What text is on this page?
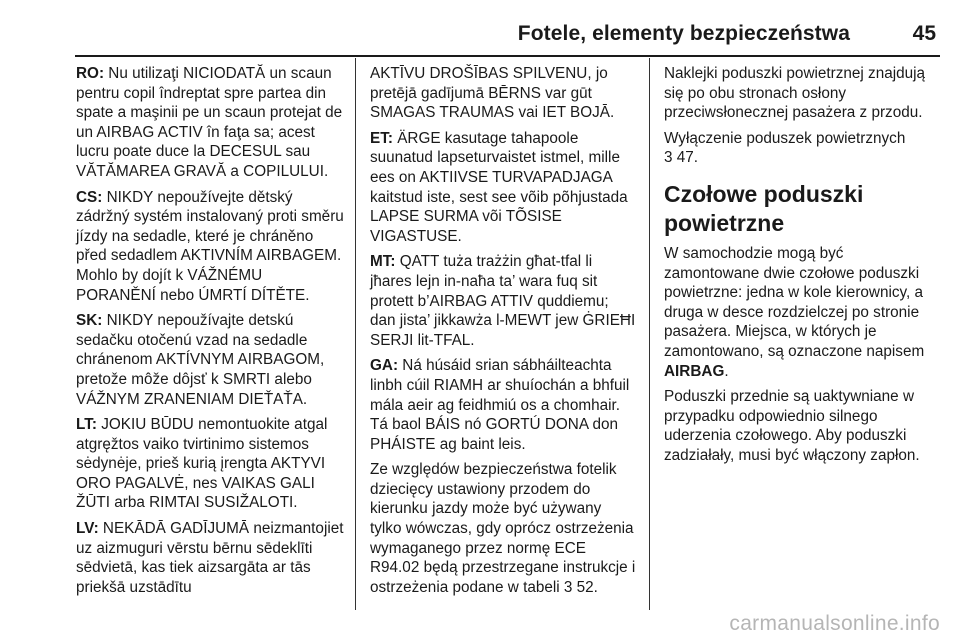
Fotele, elementy bezpieczeństwa	45

RO: Nu utilizaţi NICIODATĂ un scaun pentru copil îndreptat spre partea din spate a maşinii pe un scaun protejat de un AIRBAG ACTIV în faţa sa; acest lucru poate duce la DECESUL sau VĂTĂMAREA GRAVĂ a COPILULUI.

CS: NIKDY nepoužívejte dětský zádržný systém instalovaný proti směru jízdy na sedadle, které je chráněno před sedadlem AKTIVNÍM AIRBAGEM. Mohlo by dojít k VÁŽNÉMU PORANĚNÍ nebo ÚMRTÍ DÍTĚTE.

SK: NIKDY nepoužívajte detskú sedačku otočenú vzad na sedadle chránenom AKTÍVNYM AIRBAGOM, pretože môže dôjsť k SMRTI alebo VÁŽNYM ZRANENIAM DIEŤAŤA.

LT: JOKIU BŪDU nemontuokite atgal atgręžtos vaiko tvirtinimo sistemos sėdynėje, prieš kurią įrengta AKTYVI ORO PAGALVĖ, nes VAIKAS GALI ŽŪTI arba RIMTAI SUSIŽALOTI.

LV: NEKĀDĀ GADĪJUMĀ neizmantojiet uz aizmuguri vērstu bērnu sēdeklīti sēdvietā, kas tiek aizsargāta ar tās priekšā uzstādītu

AKTĪVU DROŠĪBAS SPILVENU, jo pretējā gadījumā BĒRNS var gūt SMAGAS TRAUMAS vai IET BOJĀ.

ET: ÄRGE kasutage tahapoole suunatud lapseturvaistet istmel, mille ees on AKTIIVSE TURVAPADJAGA kaitstud iste, sest see võib põhjustada LAPSE SURMA või TÕSISE VIGASTUSE.

MT: QATT tuża trażżin għat-tfal li jħares lejn in-naħa ta’ wara fuq sit protett b’AIRBAG ATTIV quddiemu; dan jista’ jikkawża l-MEWT jew ĠRIEĦI SERJI lit-TFAL.

GA: Ná húsáid srian sábháilteachta linbh cúil RIAMH ar shuíochán a bhfuil mála aeir ag feidhmiú os a chomhair. Tá baol BÁIS nó GORTÚ DONA don PHÁISTE ag baint leis.

Ze względów bezpieczeństwa fotelik dziecięcy ustawiony przodem do kierunku jazdy może być używany tylko wówczas, gdy oprócz ostrzeżenia wymaganego przez normę ECE R94.02 będą przestrzegane instrukcje i ostrzeżenia podane w tabeli 3 52.

Naklejki poduszki powietrznej znajdują się po obu stronach osłony przeciwsłonecznej pasażera z przodu.

Wyłączenie poduszek powietrznych
3 47.

Czołowe poduszki powietrzne

W samochodzie mogą być zamontowane dwie czołowe poduszki powietrzne: jedna w kole kierownicy, a druga w desce rozdzielczej po stronie pasażera. Miejsca, w których je zamontowano, są oznaczone napisem AIRBAG.

Poduszki przednie są uaktywniane w przypadku odpowiednio silnego uderzenia czołowego. Aby poduszki zadziałały, musi być włączony zapłon.

carmanualsonline.info
